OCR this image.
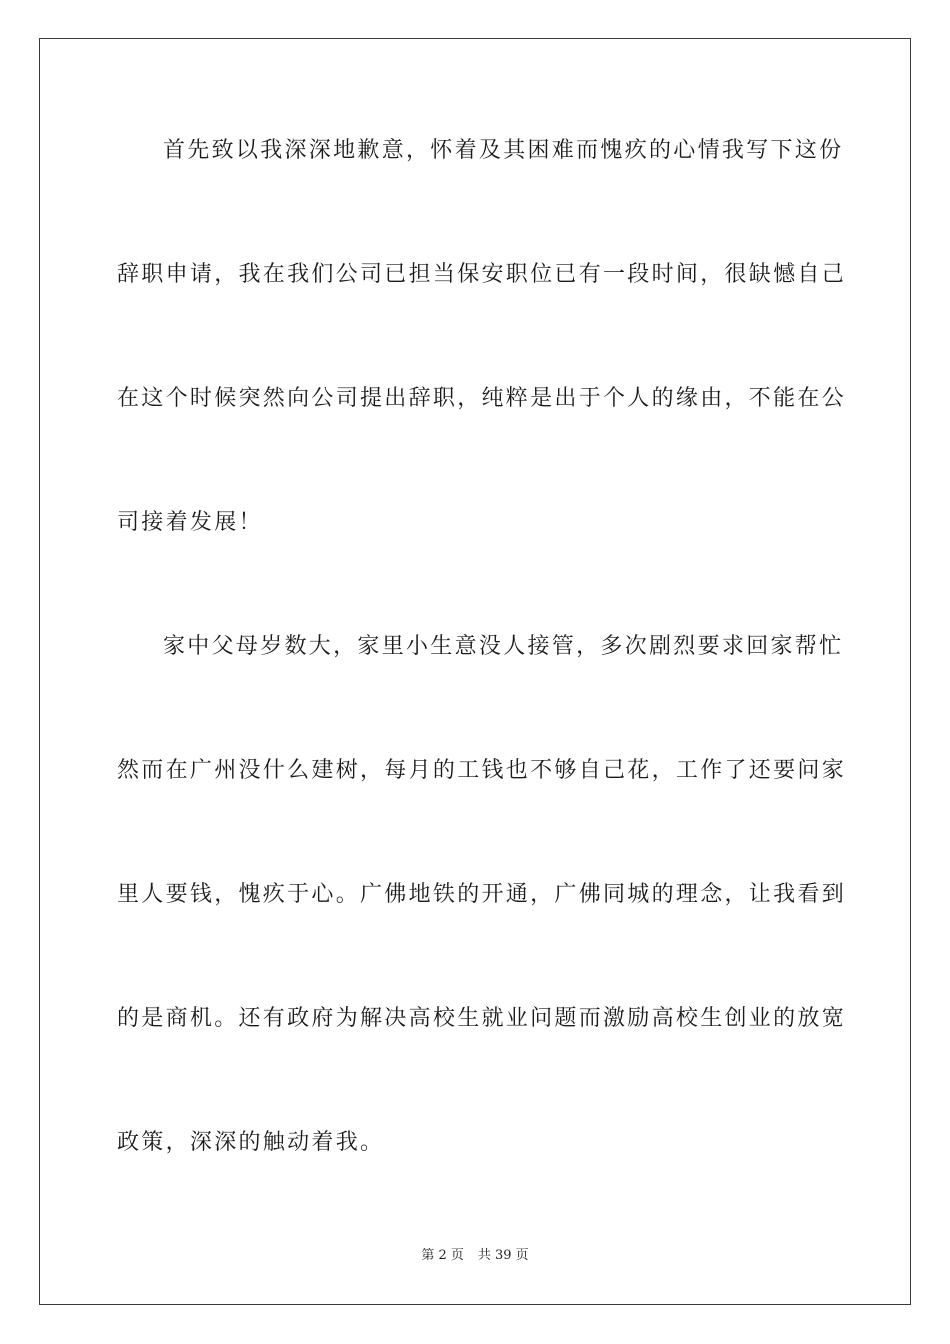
首先致以我深深地歉意，怀着及其困难而愧疚的心情我写下这份
辞职申请，我在我们公司已担当保安职位已有一段时间，很缺憾自己
在这个时候突然向公司提出辞职，纯粹是出于个人的缘由，不能在公
司接着发展！
家中父母岁数大，家里小生意没人接管，多次剧烈要求回家帮忙
然而在广州没什么建树，每月的工钱也不够自己花，工作了还要问家
里人要钱，愧疚于心。广佛地铁的开通，广佛同城的理念，让我看到
的是商机。还有政府为解决高校生就业问题而激励高校生创业的放宽
政策，深深的触动着我。
第 2 页 共 39 页
